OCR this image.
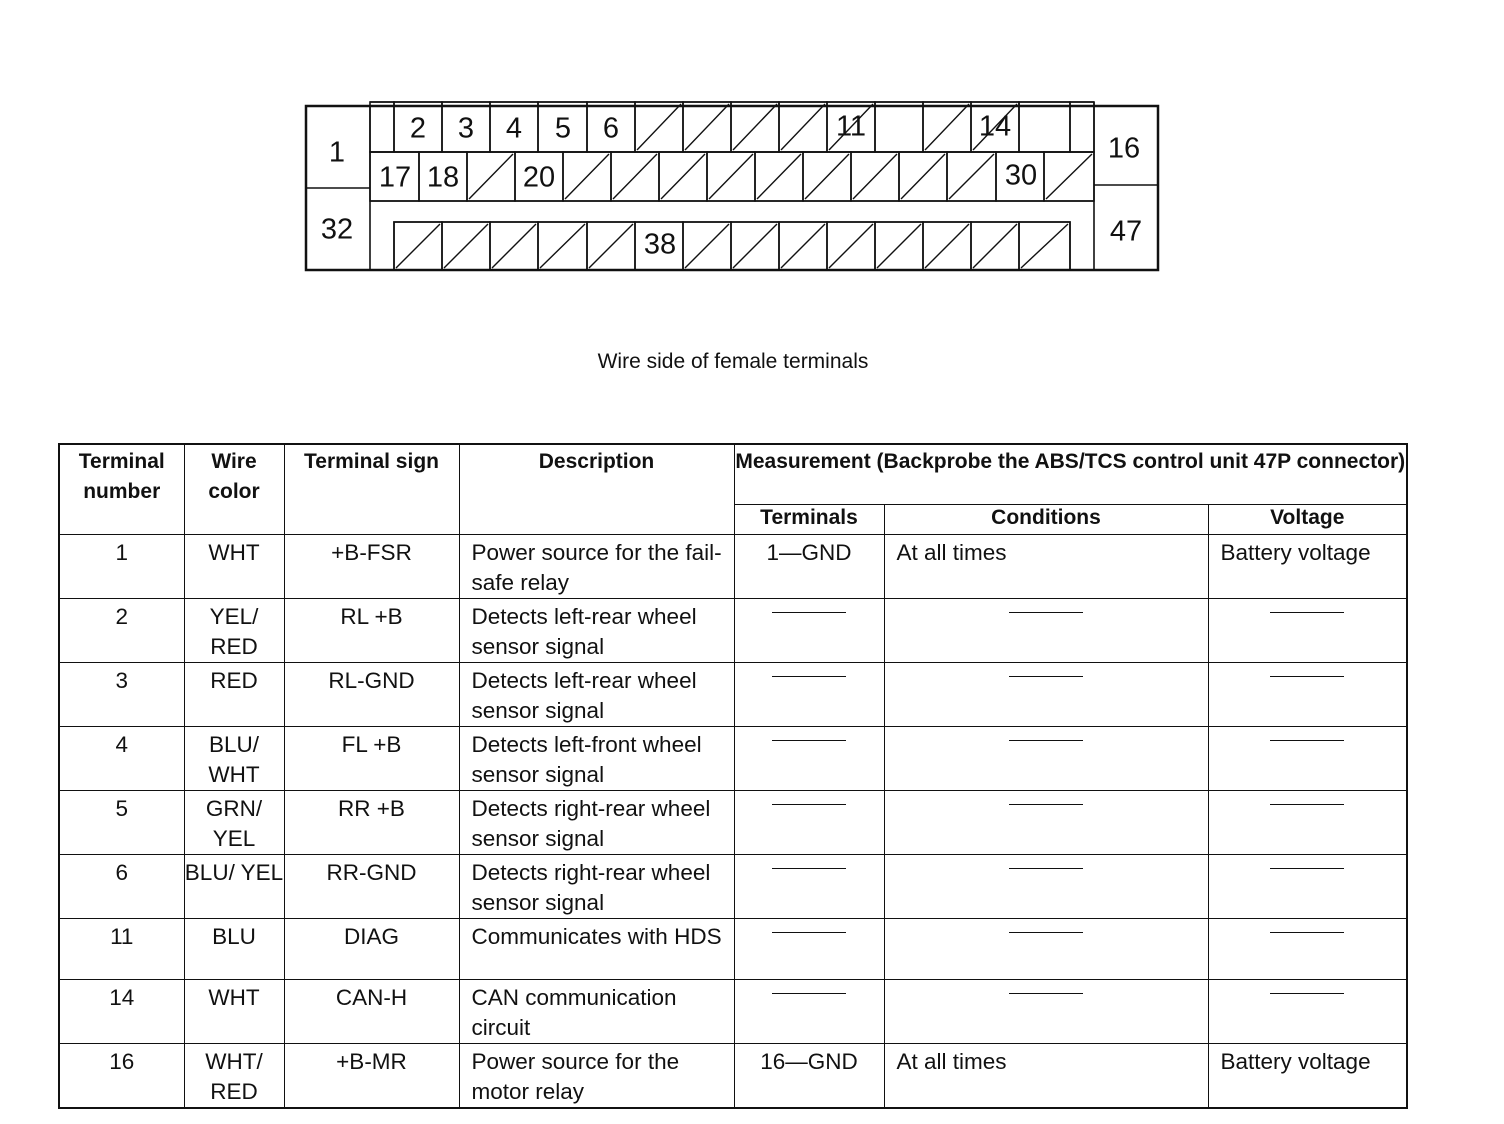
1
32
16
47
2 3 4 5 6	11	14
17 18 20	30
38
Wire side of female terminals
Terminal number	Wire color	Terminal sign	Description	Measurement (Backprobe the ABS/TCS control unit 47P connector)		
				Terminals	Conditions	Voltage
1	WHT	+B-FSR	Power source for the fail-safe relay	1—GND	At all times	Battery voltage
2	YEL/ RED	RL +B	Detects left-rear wheel sensor signal	

3	RED	RL-GND	Detects left-rear wheel sensor signal	

4	BLU/ WHT	FL +B	Detects left-front wheel sensor signal	

5	GRN/ YEL	RR +B	Detects right-rear wheel sensor signal	

6	BLU/ YEL	RR-GND	Detects right-rear wheel sensor signal	

11	BLU	DIAG	Communicates with HDS	

14	WHT	CAN-H	CAN communication circuit	

16	WHT/ RED	+B-MR	Power source for the motor relay	16—GND	At all times	Battery voltage
